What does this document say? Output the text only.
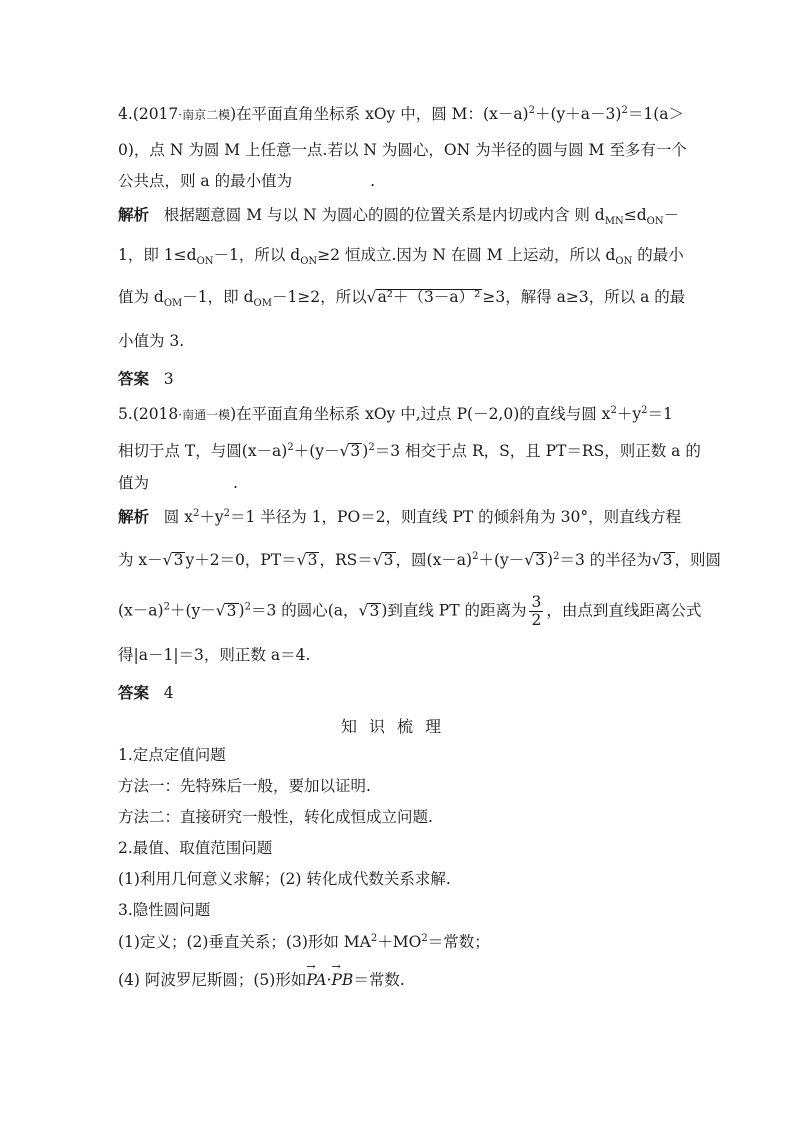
4.(2017·南京二模)在平面直角坐标系 xOy 中，圆 M：$(x-a)^2+(y+a-3)^2=1(a>$
0)，点 N 为圆 M 上任意一点.若以 N 为圆心，ON 为半径的圆与圆 M 至多有一个
公共点，则 a 的最小值为	.
解析 根据题意圆 M 与以 N 为圆心的圆的位置关系是内切或内含 则 $d_{MN}\le d_{ON}-$
1，即 $1\le d_{ON}-1$，所以 $d_{ON}\ge 2$ 恒成立.因为 N 在圆 M 上运动，所以 $d_{ON}$ 的最小
值为 $d_{OM}-1$，即 $d_{OM}-1\ge 2$，所以√a²＋（3－a）² ≥3，解得 a≥3，所以 a 的最
小值为 3.
答案 3
5.(2018·南通一模)在平面直角坐标系 xOy 中,过点 P(－2,0)的直线与圆 $x^2+y^2=1$
相切于点 T，与圆$(x-a)^2+(y-√3$ )$^2$＝3 相交于点 R，S，且 PT＝RS，则正数 a 的
值为	.
解析 圆 $x^2+y^2=1$ 半径为 1，PO＝2，则直线 PT 的倾斜角为 30°，则直线方程
为 x－√3 y＋2＝0，PT＝√3 ，RS＝√3 ，圆$(x-a)^2+(y-√3$ )$^2$＝3 的半径为√3 ，则圆
$(x-a)^2+(y-√3$ )$^2$＝3 的圆心(a，√3 )到直线 PT 的距离为 $\frac{3}{2}$ ，由点到直线距离公式
得|a－1|＝3，则正数 a＝4.
答案 4
知识梳理
1.定点定值问题
方法一：先特殊后一般，要加以证明.
方法二：直接研究一般性，转化成恒成立问题.
2.最值、取值范围问题
(1)利用几何意义求解；(2) 转化成代数关系求解.
3.隐性圆问题
(1)定义；(2)垂直关系；(3)形如 $MA^2+MO^2=$常数；
(4) 阿波罗尼斯圆；(5)形如→ PA·→ PB＝常数.
